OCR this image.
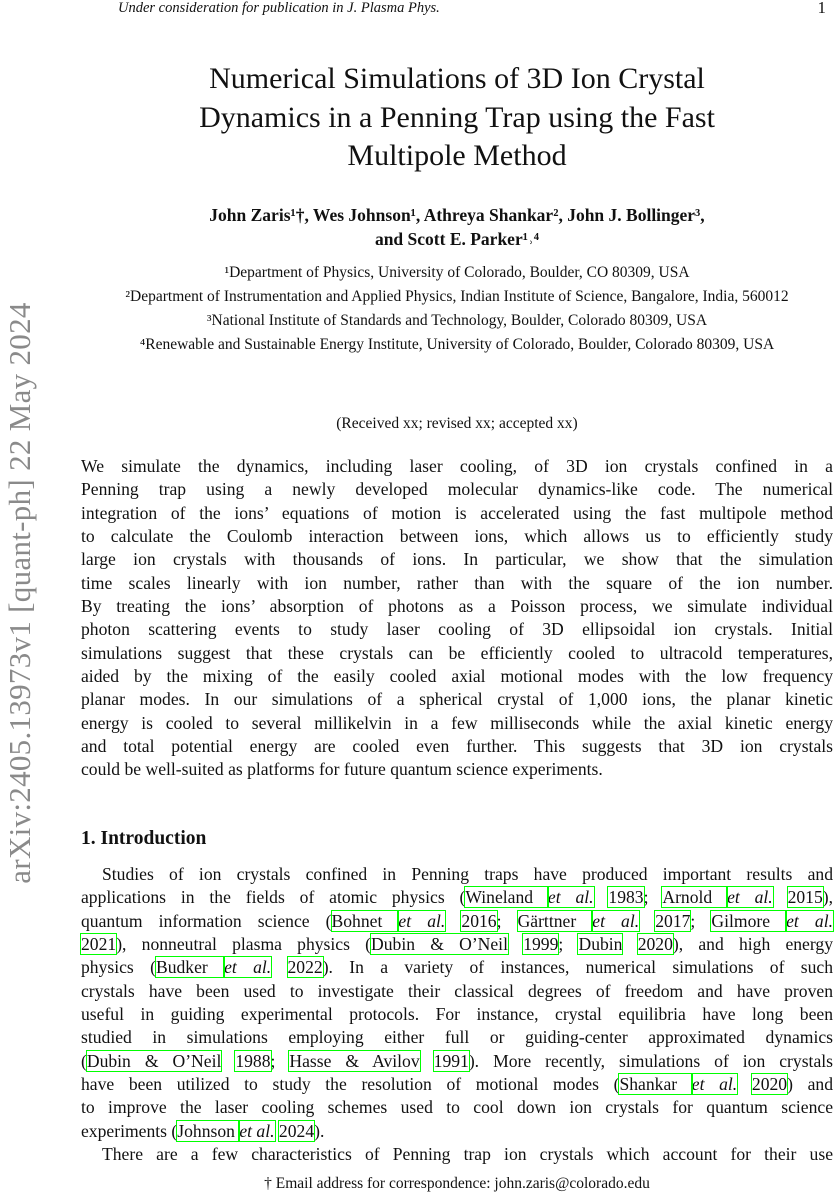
Under consideration for publication in J. Plasma Phys.	1
arXiv:2405.13973v1 [quant-ph] 22 May 2024
Numerical Simulations of 3D Ion Crystal
Dynamics in a Penning Trap using the Fast
Multipole Method
John Zaris¹†, Wes Johnson¹, Athreya Shankar², John J. Bollinger³,
and Scott E. Parker¹˒⁴
¹Department of Physics, University of Colorado, Boulder, CO 80309, USA
²Department of Instrumentation and Applied Physics, Indian Institute of Science, Bangalore, India, 560012
³National Institute of Standards and Technology, Boulder, Colorado 80309, USA
⁴Renewable and Sustainable Energy Institute, University of Colorado, Boulder, Colorado 80309, USA
(Received xx; revised xx; accepted xx)
We simulate the dynamics, including laser cooling, of 3D ion crystals confined in a
Penning trap using a newly developed molecular dynamics-like code. The numerical
integration of the ions’ equations of motion is accelerated using the fast multipole method
to calculate the Coulomb interaction between ions, which allows us to efficiently study
large ion crystals with thousands of ions. In particular, we show that the simulation
time scales linearly with ion number, rather than with the square of the ion number.
By treating the ions’ absorption of photons as a Poisson process, we simulate individual
photon scattering events to study laser cooling of 3D ellipsoidal ion crystals. Initial
simulations suggest that these crystals can be efficiently cooled to ultracold temperatures,
aided by the mixing of the easily cooled axial motional modes with the low frequency
planar modes. In our simulations of a spherical crystal of 1,000 ions, the planar kinetic
energy is cooled to several millikelvin in a few milliseconds while the axial kinetic energy
and total potential energy are cooled even further. This suggests that 3D ion crystals
could be well-suited as platforms for future quantum science experiments.
1. Introduction
Studies of ion crystals confined in Penning traps have produced important results and
applications in the fields of atomic physics (Wineland et al. 1983; Arnold et al. 2015),
quantum information science (Bohnet et al. 2016; Gärttner et al. 2017; Gilmore et al.
2021), nonneutral plasma physics (Dubin & O’Neil 1999; Dubin 2020), and high energy
physics (Budker et al. 2022). In a variety of instances, numerical simulations of such
crystals have been used to investigate their classical degrees of freedom and have proven
useful in guiding experimental protocols. For instance, crystal equilibria have long been
studied in simulations employing either full or guiding-center approximated dynamics
(Dubin & O’Neil 1988; Hasse & Avilov 1991). More recently, simulations of ion crystals
have been utilized to study the resolution of motional modes (Shankar et al. 2020) and
to improve the laser cooling schemes used to cool down ion crystals for quantum science
experiments (Johnson et al. 2024).
There are a few characteristics of Penning trap ion crystals which account for their use
† Email address for correspondence: john.zaris@colorado.edu
